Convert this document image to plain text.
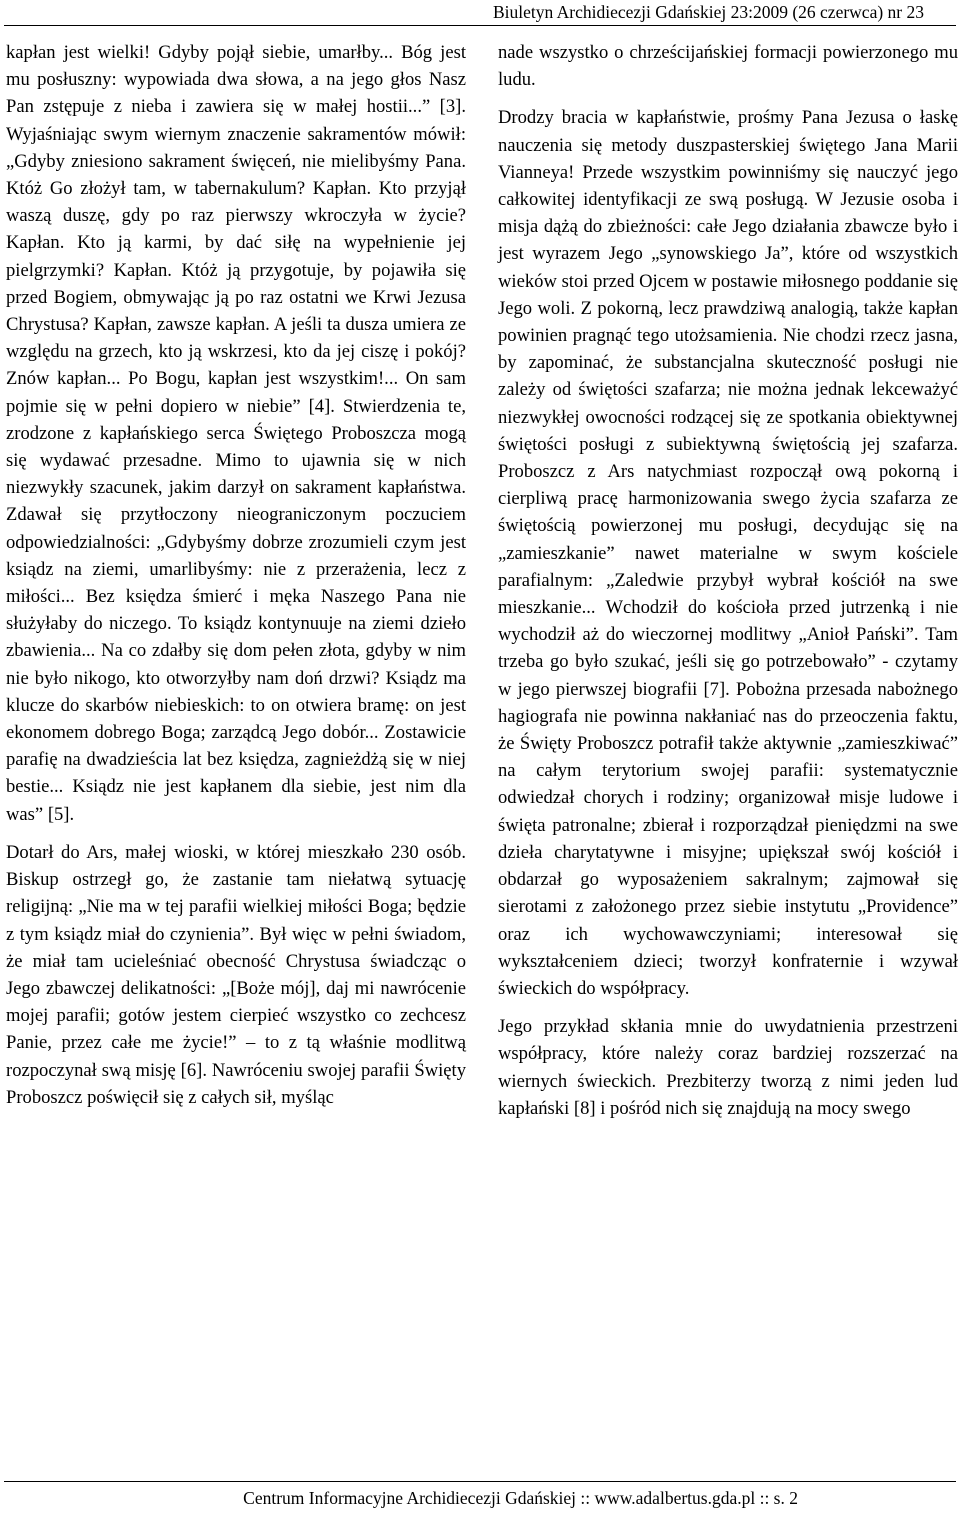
Biuletyn Archidiecezji Gdańskiej 23:2009 (26 czerwca) nr 23

kapłan jest wielki! Gdyby pojął siebie, umarłby... Bóg jest mu posłuszny: wypowiada dwa słowa, a na jego głos Nasz Pan zstępuje z nieba i zawiera się w małej hostii...” [3]. Wyjaśniając swym wiernym znaczenie sakramentów mówił: „Gdyby zniesiono sakrament święceń, nie mielibyśmy Pana. Któż Go złożył tam, w tabernakulum? Kapłan. Kto przyjął waszą duszę, gdy po raz pierwszy wkroczyła w życie? Kapłan. Kto ją karmi, by dać siłę na wypełnienie jej pielgrzymki? Kapłan. Któż ją przygotuje, by pojawiła się przed Bogiem, obmywając ją po raz ostatni we Krwi Jezusa Chrystusa? Kapłan, zawsze kapłan. A jeśli ta dusza umiera ze względu na grzech, kto ją wskrzesi, kto da jej ciszę i pokój? Znów kapłan... Po Bogu, kapłan jest wszystkim!... On sam pojmie się w pełni dopiero w niebie” [4]. Stwierdzenia te, zrodzone z kapłańskiego serca Świętego Proboszcza mogą się wydawać przesadne. Mimo to ujawnia się w nich niezwykły szacunek, jakim darzył on sakrament kapłaństwa. Zdawał się przytłoczony nieograniczonym poczuciem odpowiedzialności: „Gdybyśmy dobrze zrozumieli czym jest ksiądz na ziemi, umarlibyśmy: nie z przerażenia, lecz z miłości... Bez księdza śmierć i męka Naszego Pana nie służyłaby do niczego. To ksiądz kontynuuje na ziemi dzieło zbawienia... Na co zdałby się dom pełen złota, gdyby w nim nie było nikogo, kto otworzyłby nam doń drzwi? Ksiądz ma klucze do skarbów niebieskich: to on otwiera bramę: on jest ekonomem dobrego Boga; zarządcą Jego dobór... Zostawicie parafię na dwadzieścia lat bez księdza, zagnieżdżą się w niej bestie... Ksiądz nie jest kapłanem dla siebie, jest nim dla was” [5].

Dotarł do Ars, małej wioski, w której mieszkało 230 osób. Biskup ostrzegł go, że zastanie tam niełatwą sytuację religijną: „Nie ma w tej parafii wielkiej miłości Boga; będzie z tym ksiądz miał do czynienia”. Był więc w pełni świadom, że miał tam ucieleśniać obecność Chrystusa świadcząc o Jego zbawczej delikatności: „[Boże mój], daj mi nawrócenie mojej parafii; gotów jestem cierpieć wszystko co zechcesz Panie, przez całe me życie!” – to z tą właśnie modlitwą rozpoczynał swą misję [6]. Nawróceniu swojej parafii Święty Proboszcz poświęcił się z całych sił, myśląc

nade wszystko o chrześcijańskiej formacji powierzonego mu ludu.

Drodzy bracia w kapłaństwie, prośmy Pana Jezusa o łaskę nauczenia się metody duszpasterskiej świętego Jana Marii Vianneya! Przede wszystkim powinniśmy się nauczyć jego całkowitej identyfikacji ze swą posługą. W Jezusie osoba i misja dążą do zbieżności: całe Jego działania zbawcze było i jest wyrazem Jego „synowskiego Ja”, które od wszystkich wieków stoi przed Ojcem w postawie miłosnego poddanie się Jego woli. Z pokorną, lecz prawdziwą analogią, także kapłan powinien pragnąć tego utożsamienia. Nie chodzi rzecz jasna, by zapominać, że substancjalna skuteczność posługi nie zależy od świętości szafarza; nie można jednak lekceważyć niezwykłej owocności rodzącej się ze spotkania obiektywnej świętości posługi z subiektywną świętością jej szafarza. Proboszcz z Ars natychmiast rozpoczął ową pokorną i cierpliwą pracę harmonizowania swego życia szafarza ze świętością powierzonej mu posługi, decydując się na „zamieszkanie” nawet materialne w swym kościele parafialnym: „Zaledwie przybył wybrał kościół na swe mieszkanie... Wchodził do kościoła przed jutrzenką i nie wychodził aż do wieczornej modlitwy „Anioł Pański”. Tam trzeba go było szukać, jeśli się go potrzebowało” - czytamy w jego pierwszej biografii [7]. Pobożna przesada nabożnego hagiografa nie powinna nakłaniać nas do przeoczenia faktu, że Święty Proboszcz potrafił także aktywnie „zamieszkiwać” na całym terytorium swojej parafii: systematycznie odwiedzał chorych i rodziny; organizował misje ludowe i święta patronalne; zbierał i rozporządzał pieniędzmi na swe dzieła charytatywne i misyjne; upiększał swój kościół i obdarzał go wyposażeniem sakralnym; zajmował się sierotami z założonego przez siebie instytutu „Providence” oraz ich wychowawczyniami; interesował się wykształceniem dzieci; tworzył konfraternie i wzywał świeckich do współpracy.

Jego przykład skłania mnie do uwydatnienia przestrzeni współpracy, które należy coraz bardziej rozszerzać na wiernych świeckich. Prezbiterzy tworzą z nimi jeden lud kapłański [8] i pośród nich się znajdują na mocy swego

Centrum Informacyjne Archidiecezji Gdańskiej :: www.adalbertus.gda.pl :: s. 2
